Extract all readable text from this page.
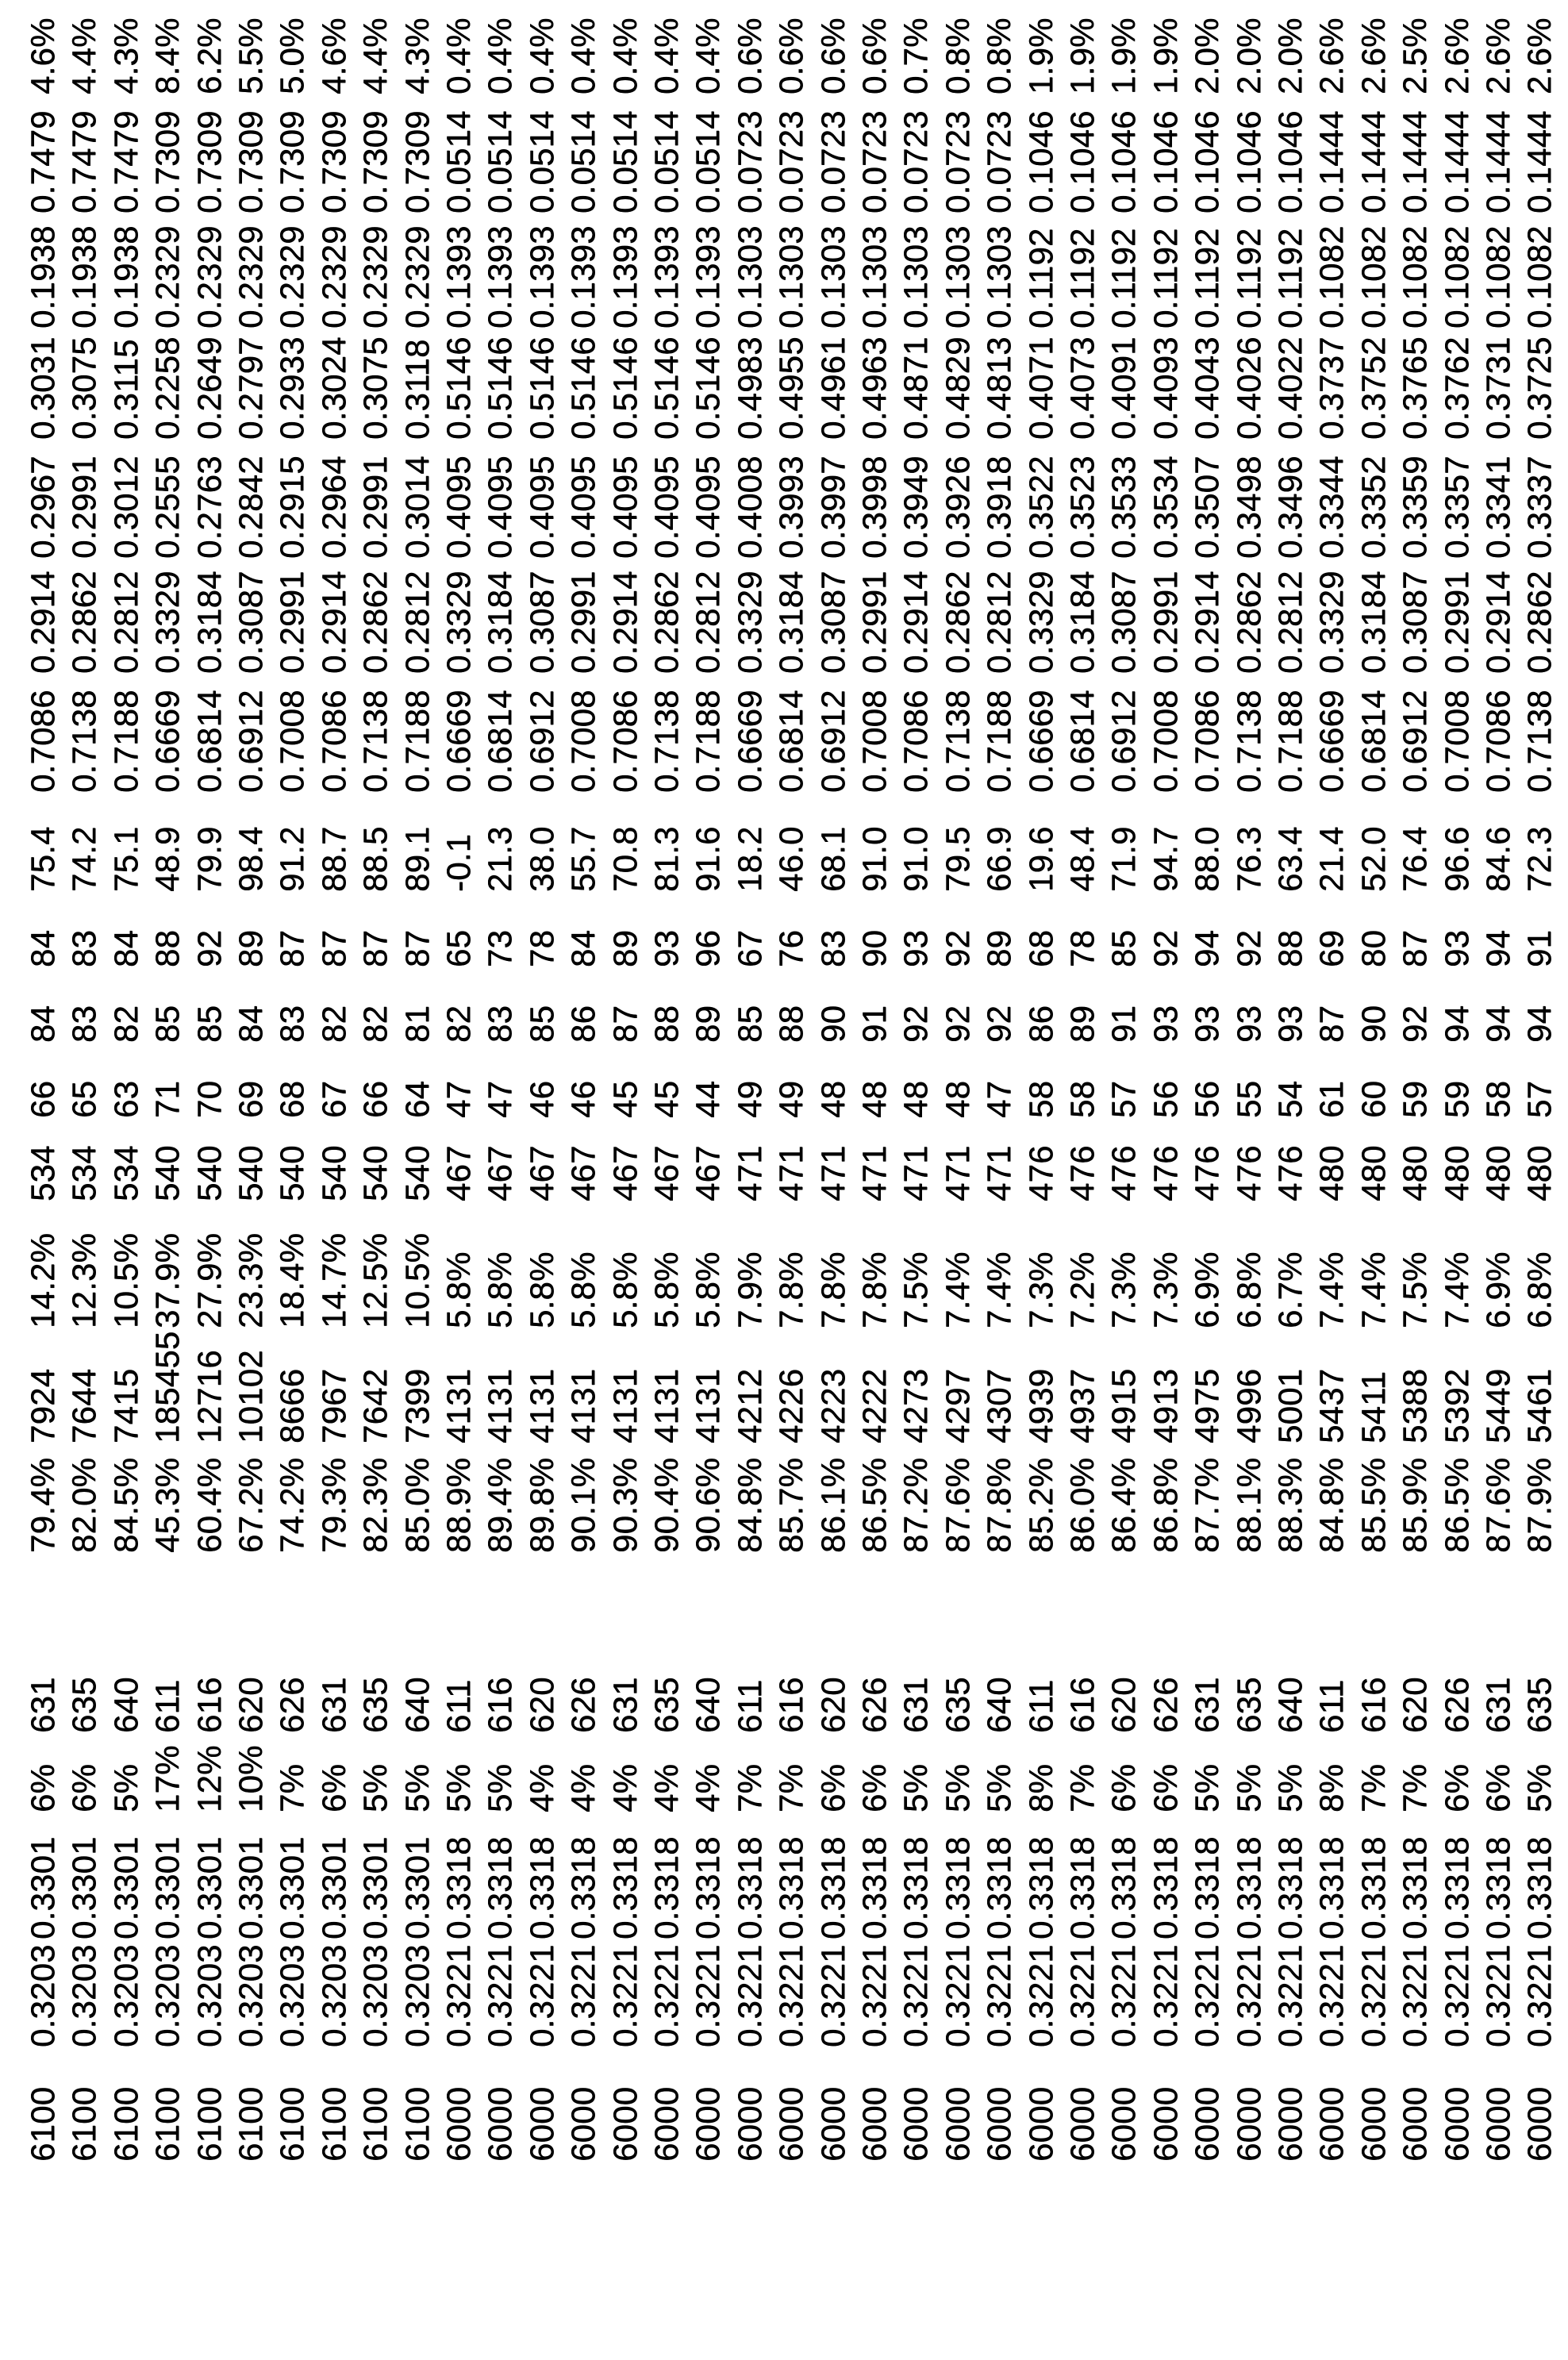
6100
0.3203
0.3301
6%
631
79.4%
7924
14.2%
534
66
84
84
75.4
0.7086
0.2914
0.2967
0.3031
0.1938
0.7479
4.6%
6100
0.3203
0.3301
6%
635
82.0%
7644
12.3%
534
65
83
83
74.2
0.7138
0.2862
0.2991
0.3075
0.1938
0.7479
4.4%
6100
0.3203
0.3301
5%
640
84.5%
7415
10.5%
534
63
82
84
75.1
0.7188
0.2812
0.3012
0.3115
0.1938
0.7479
4.3%
6100
0.3203
0.3301
17%
611
45.3%
185455
37.9%
540
71
85
88
48.9
0.6669
0.3329
0.2555
0.2258
0.2329
0.7309
8.4%
6100
0.3203
0.3301
12%
616
60.4%
12716
27.9%
540
70
85
92
79.9
0.6814
0.3184
0.2763
0.2649
0.2329
0.7309
6.2%
6100
0.3203
0.3301
10%
620
67.2%
10102
23.3%
540
69
84
89
98.4
0.6912
0.3087
0.2842
0.2797
0.2329
0.7309
5.5%
6100
0.3203
0.3301
7%
626
74.2%
8666
18.4%
540
68
83
87
91.2
0.7008
0.2991
0.2915
0.2933
0.2329
0.7309
5.0%
6100
0.3203
0.3301
6%
631
79.3%
7967
14.7%
540
67
82
87
88.7
0.7086
0.2914
0.2964
0.3024
0.2329
0.7309
4.6%
6100
0.3203
0.3301
5%
635
82.3%
7642
12.5%
540
66
82
87
88.5
0.7138
0.2862
0.2991
0.3075
0.2329
0.7309
4.4%
6100
0.3203
0.3301
5%
640
85.0%
7399
10.5%
540
64
81
87
89.1
0.7188
0.2812
0.3014
0.3118
0.2329
0.7309
4.3%
6000
0.3221
0.3318
5%
611
88.9%
4131
5.8%
467
47
82
65
-0.1
0.6669
0.3329
0.4095
0.5146
0.1393
0.0514
0.4%
6000
0.3221
0.3318
5%
616
89.4%
4131
5.8%
467
47
83
73
21.3
0.6814
0.3184
0.4095
0.5146
0.1393
0.0514
0.4%
6000
0.3221
0.3318
4%
620
89.8%
4131
5.8%
467
46
85
78
38.0
0.6912
0.3087
0.4095
0.5146
0.1393
0.0514
0.4%
6000
0.3221
0.3318
4%
626
90.1%
4131
5.8%
467
46
86
84
55.7
0.7008
0.2991
0.4095
0.5146
0.1393
0.0514
0.4%
6000
0.3221
0.3318
4%
631
90.3%
4131
5.8%
467
45
87
89
70.8
0.7086
0.2914
0.4095
0.5146
0.1393
0.0514
0.4%
6000
0.3221
0.3318
4%
635
90.4%
4131
5.8%
467
45
88
93
81.3
0.7138
0.2862
0.4095
0.5146
0.1393
0.0514
0.4%
6000
0.3221
0.3318
4%
640
90.6%
4131
5.8%
467
44
89
96
91.6
0.7188
0.2812
0.4095
0.5146
0.1393
0.0514
0.4%
6000
0.3221
0.3318
7%
611
84.8%
4212
7.9%
471
49
85
67
18.2
0.6669
0.3329
0.4008
0.4983
0.1303
0.0723
0.6%
6000
0.3221
0.3318
7%
616
85.7%
4226
7.8%
471
49
88
76
46.0
0.6814
0.3184
0.3993
0.4955
0.1303
0.0723
0.6%
6000
0.3221
0.3318
6%
620
86.1%
4223
7.8%
471
48
90
83
68.1
0.6912
0.3087
0.3997
0.4961
0.1303
0.0723
0.6%
6000
0.3221
0.3318
6%
626
86.5%
4222
7.8%
471
48
91
90
91.0
0.7008
0.2991
0.3998
0.4963
0.1303
0.0723
0.6%
6000
0.3221
0.3318
5%
631
87.2%
4273
7.5%
471
48
92
93
91.0
0.7086
0.2914
0.3949
0.4871
0.1303
0.0723
0.7%
6000
0.3221
0.3318
5%
635
87.6%
4297
7.4%
471
48
92
92
79.5
0.7138
0.2862
0.3926
0.4829
0.1303
0.0723
0.8%
6000
0.3221
0.3318
5%
640
87.8%
4307
7.4%
471
47
92
89
66.9
0.7188
0.2812
0.3918
0.4813
0.1303
0.0723
0.8%
6000
0.3221
0.3318
8%
611
85.2%
4939
7.3%
476
58
86
68
19.6
0.6669
0.3329
0.3522
0.4071
0.1192
0.1046
1.9%
6000
0.3221
0.3318
7%
616
86.0%
4937
7.2%
476
58
89
78
48.4
0.6814
0.3184
0.3523
0.4073
0.1192
0.1046
1.9%
6000
0.3221
0.3318
6%
620
86.4%
4915
7.3%
476
57
91
85
71.9
0.6912
0.3087
0.3533
0.4091
0.1192
0.1046
1.9%
6000
0.3221
0.3318
6%
626
86.8%
4913
7.3%
476
56
93
92
94.7
0.7008
0.2991
0.3534
0.4093
0.1192
0.1046
1.9%
6000
0.3221
0.3318
5%
631
87.7%
4975
6.9%
476
56
93
94
88.0
0.7086
0.2914
0.3507
0.4043
0.1192
0.1046
2.0%
6000
0.3221
0.3318
5%
635
88.1%
4996
6.8%
476
55
93
92
76.3
0.7138
0.2862
0.3498
0.4026
0.1192
0.1046
2.0%
6000
0.3221
0.3318
5%
640
88.3%
5001
6.7%
476
54
93
88
63.4
0.7188
0.2812
0.3496
0.4022
0.1192
0.1046
2.0%
6000
0.3221
0.3318
8%
611
84.8%
5437
7.4%
480
61
87
69
21.4
0.6669
0.3329
0.3344
0.3737
0.1082
0.1444
2.6%
6000
0.3221
0.3318
7%
616
85.5%
5411
7.4%
480
60
90
80
52.0
0.6814
0.3184
0.3352
0.3752
0.1082
0.1444
2.6%
6000
0.3221
0.3318
7%
620
85.9%
5388
7.5%
480
59
92
87
76.4
0.6912
0.3087
0.3359
0.3765
0.1082
0.1444
2.5%
6000
0.3221
0.3318
6%
626
86.5%
5392
7.4%
480
59
94
93
96.6
0.7008
0.2991
0.3357
0.3762
0.1082
0.1444
2.6%
6000
0.3221
0.3318
6%
631
87.6%
5449
6.9%
480
58
94
94
84.6
0.7086
0.2914
0.3341
0.3731
0.1082
0.1444
2.6%
6000
0.3221
0.3318
5%
635
87.9%
5461
6.8%
480
57
94
91
72.3
0.7138
0.2862
0.3337
0.3725
0.1082
0.1444
2.6%
